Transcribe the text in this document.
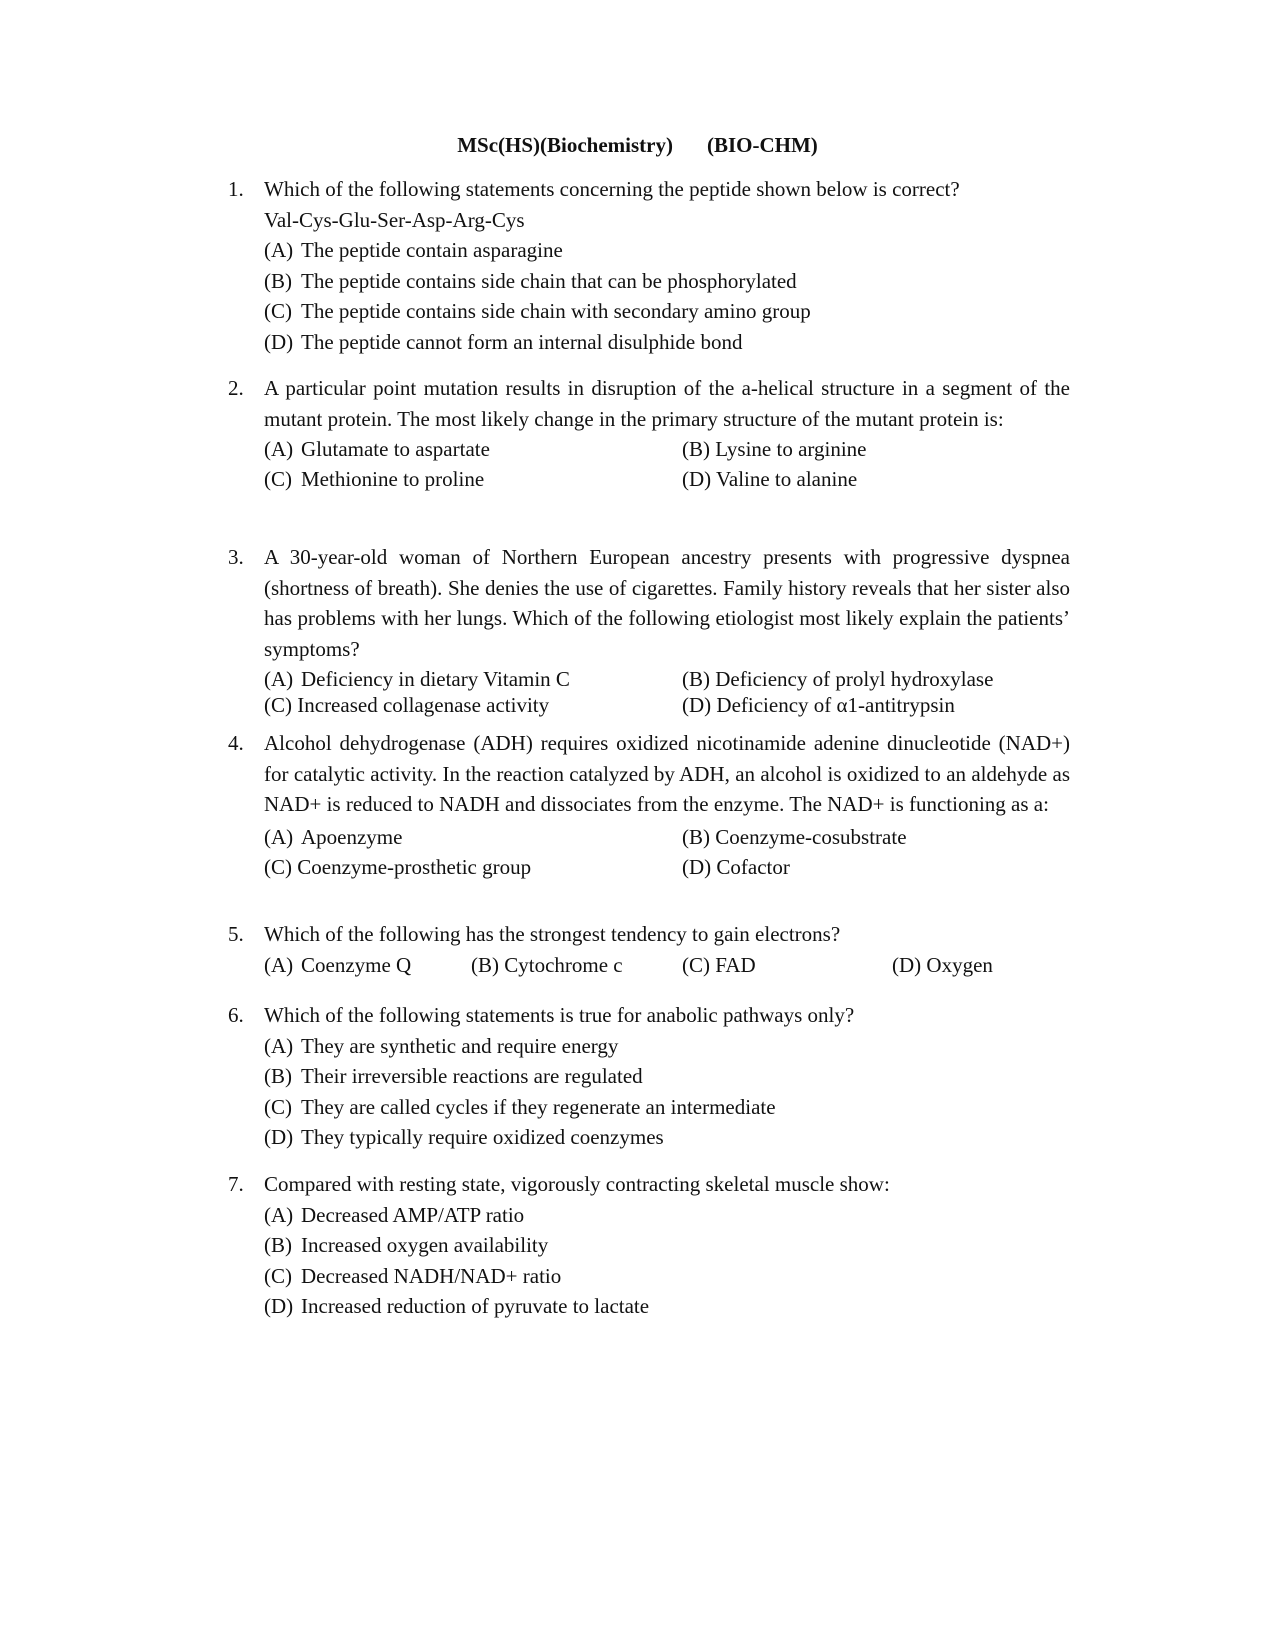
MSc(HS)(Biochemistry) (BIO-CHM)
1. Which of the following statements concerning the peptide shown below is correct?
Val-Cys-Glu-Ser-Asp-Arg-Cys
(A) The peptide contain asparagine
(B) The peptide contains side chain that can be phosphorylated
(C) The peptide contains side chain with secondary amino group
(D) The peptide cannot form an internal disulphide bond
2. A particular point mutation results in disruption of the a-helical structure in a segment of the mutant protein. The most likely change in the primary structure of the mutant protein is:
(A) Glutamate to aspartate	(B) Lysine to arginine
(C) Methionine to proline	(D) Valine to alanine
3. A 30-year-old woman of Northern European ancestry presents with progressive dyspnea (shortness of breath). She denies the use of cigarettes. Family history reveals that her sister also has problems with her lungs. Which of the following etiologist most likely explain the patients’ symptoms?
(A) Deficiency in dietary Vitamin C	(B) Deficiency of prolyl hydroxylase
(C) Increased collagenase activity	(D) Deficiency of α1-antitrypsin
4. Alcohol dehydrogenase (ADH) requires oxidized nicotinamide adenine dinucleotide (NAD+) for catalytic activity. In the reaction catalyzed by ADH, an alcohol is oxidized to an aldehyde as NAD+ is reduced to NADH and dissociates from the enzyme. The NAD+ is functioning as a:
(A) Apoenzyme	(B) Coenzyme-cosubstrate
(C) Coenzyme-prosthetic group	(D) Cofactor
5. Which of the following has the strongest tendency to gain electrons?
(A) Coenzyme Q	(B) Cytochrome c	(C) FAD	(D) Oxygen
6. Which of the following statements is true for anabolic pathways only?
(A) They are synthetic and require energy
(B) Their irreversible reactions are regulated
(C) They are called cycles if they regenerate an intermediate
(D) They typically require oxidized coenzymes
7. Compared with resting state, vigorously contracting skeletal muscle show:
(A) Decreased AMP/ATP ratio
(B) Increased oxygen availability
(C) Decreased NADH/NAD+ ratio
(D) Increased reduction of pyruvate to lactate
